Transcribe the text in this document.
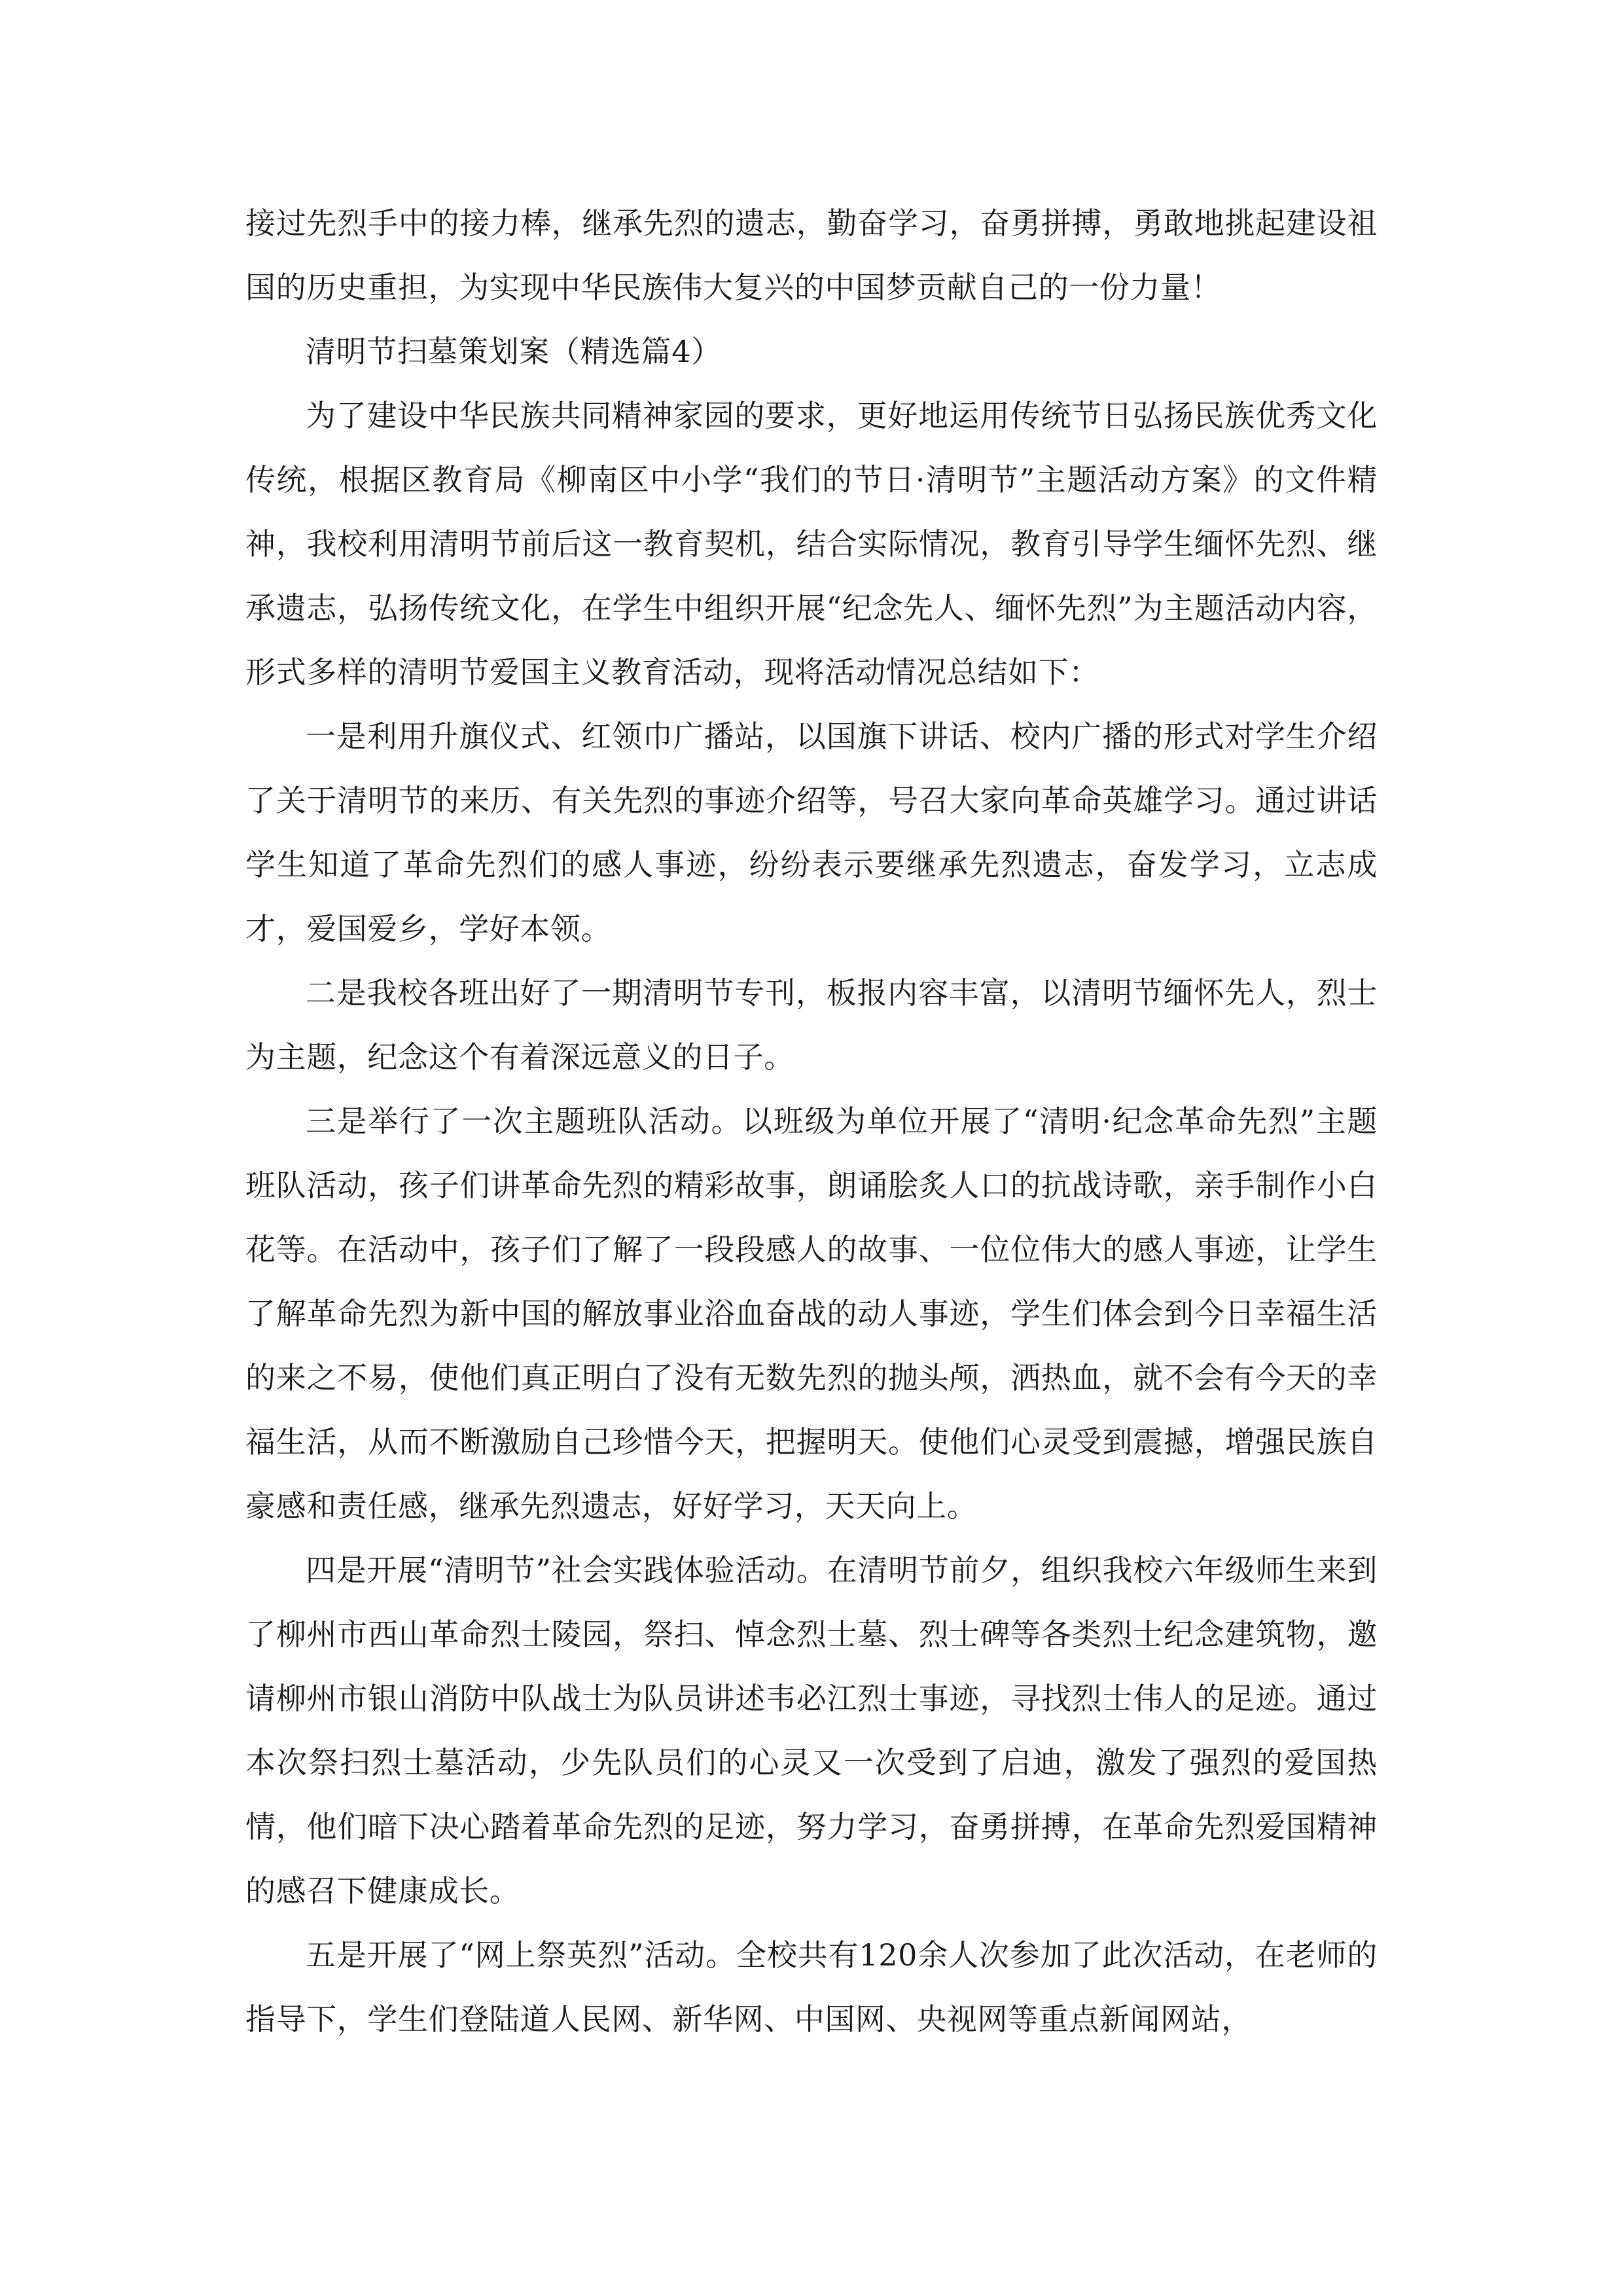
接过先烈手中的接力棒，继承先烈的遗志，勤奋学习，奋勇拼搏，勇敢地挑起建设祖国的历史重担，为实现中华民族伟大复兴的中国梦贡献自己的一份力量！

清明节扫墓策划案（精选篇4）

为了建设中华民族共同精神家园的要求，更好地运用传统节日弘扬民族优秀文化传统，根据区教育局《柳南区中小学“我们的节日·清明节”主题活动方案》的文件精神，我校利用清明节前后这一教育契机，结合实际情况，教育引导学生缅怀先烈、继承遗志，弘扬传统文化，在学生中组织开展“纪念先人、缅怀先烈”为主题活动内容，形式多样的清明节爱国主义教育活动，现将活动情况总结如下：

一是利用升旗仪式、红领巾广播站，以国旗下讲话、校内广播的形式对学生介绍了关于清明节的来历、有关先烈的事迹介绍等，号召大家向革命英雄学习。通过讲话学生知道了革命先烈们的感人事迹，纷纷表示要继承先烈遗志，奋发学习，立志成才，爱国爱乡，学好本领。

二是我校各班出好了一期清明节专刊，板报内容丰富，以清明节缅怀先人，烈士为主题，纪念这个有着深远意义的日子。

三是举行了一次主题班队活动。以班级为单位开展了“清明·纪念革命先烈”主题班队活动，孩子们讲革命先烈的精彩故事，朗诵脍炙人口的抗战诗歌，亲手制作小白花等。在活动中，孩子们了解了一段段感人的故事、一位位伟大的感人事迹，让学生了解革命先烈为新中国的解放事业浴血奋战的动人事迹，学生们体会到今日幸福生活的来之不易，使他们真正明白了没有无数先烈的抛头颅，洒热血，就不会有今天的幸福生活，从而不断激励自己珍惜今天，把握明天。使他们心灵受到震撼，增强民族自豪感和责任感，继承先烈遗志，好好学习，天天向上。

四是开展“清明节”社会实践体验活动。在清明节前夕，组织我校六年级师生来到了柳州市西山革命烈士陵园，祭扫、悼念烈士墓、烈士碑等各类烈士纪念建筑物，邀请柳州市银山消防中队战士为队员讲述韦必江烈士事迹，寻找烈士伟人的足迹。通过本次祭扫烈士墓活动，少先队员们的心灵又一次受到了启迪，激发了强烈的爱国热情，他们暗下决心踏着革命先烈的足迹，努力学习，奋勇拼搏，在革命先烈爱国精神的感召下健康成长。

五是开展了“网上祭英烈”活动。全校共有120余人次参加了此次活动，在老师的指导下，学生们登陆道人民网、新华网、中国网、央视网等重点新闻网站，
